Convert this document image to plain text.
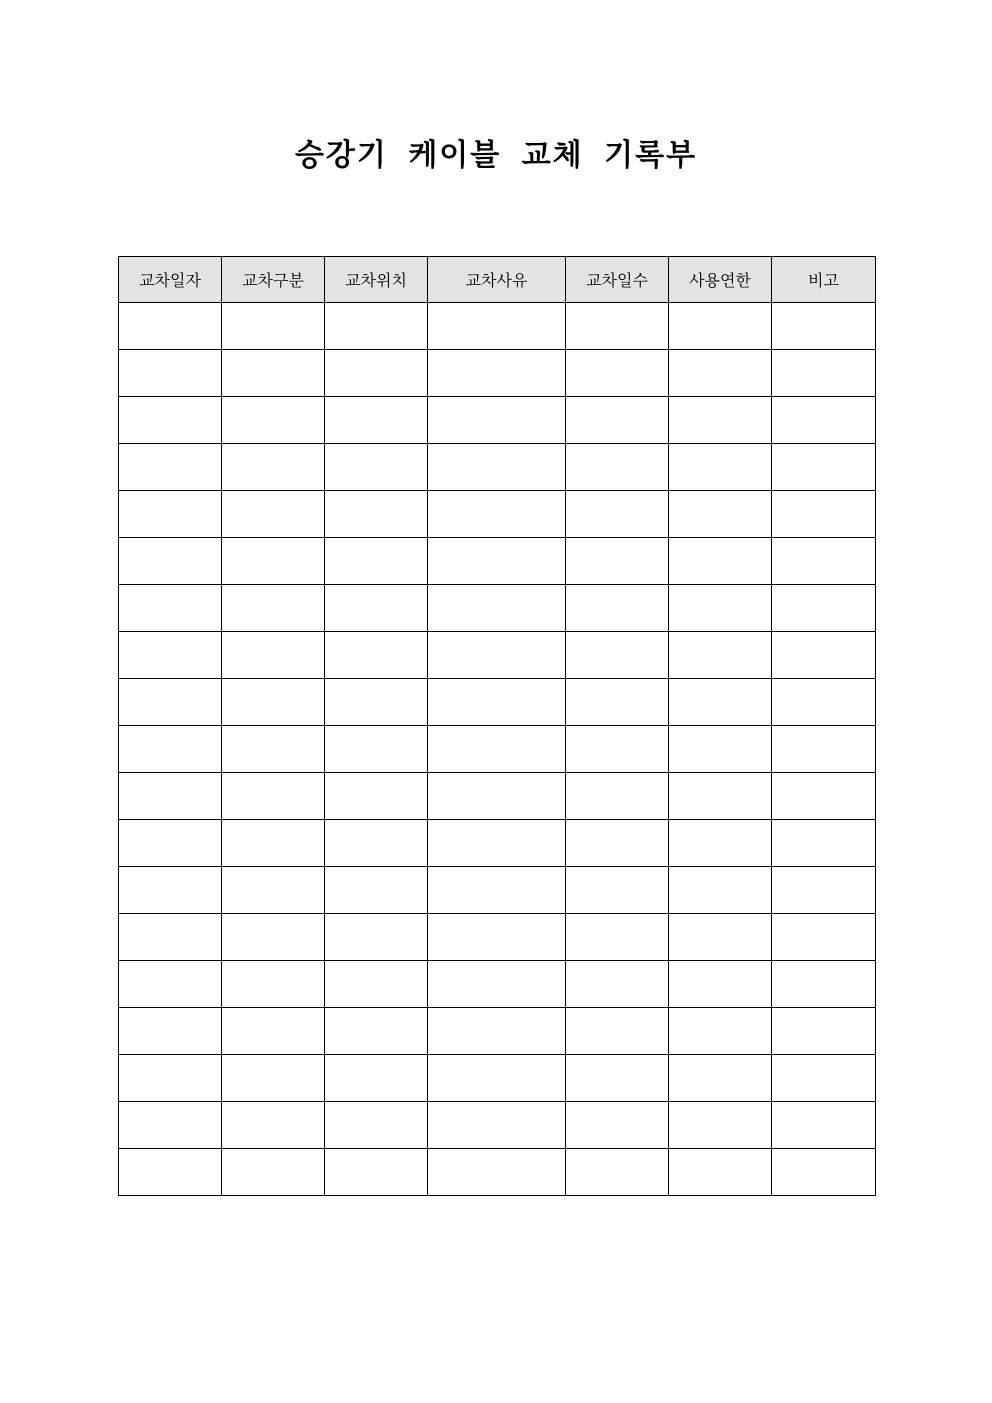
승강기 케이블 교체 기록부
교차일자	교차구분	교차위치	교차사유	교차일수	사용연한	비고
